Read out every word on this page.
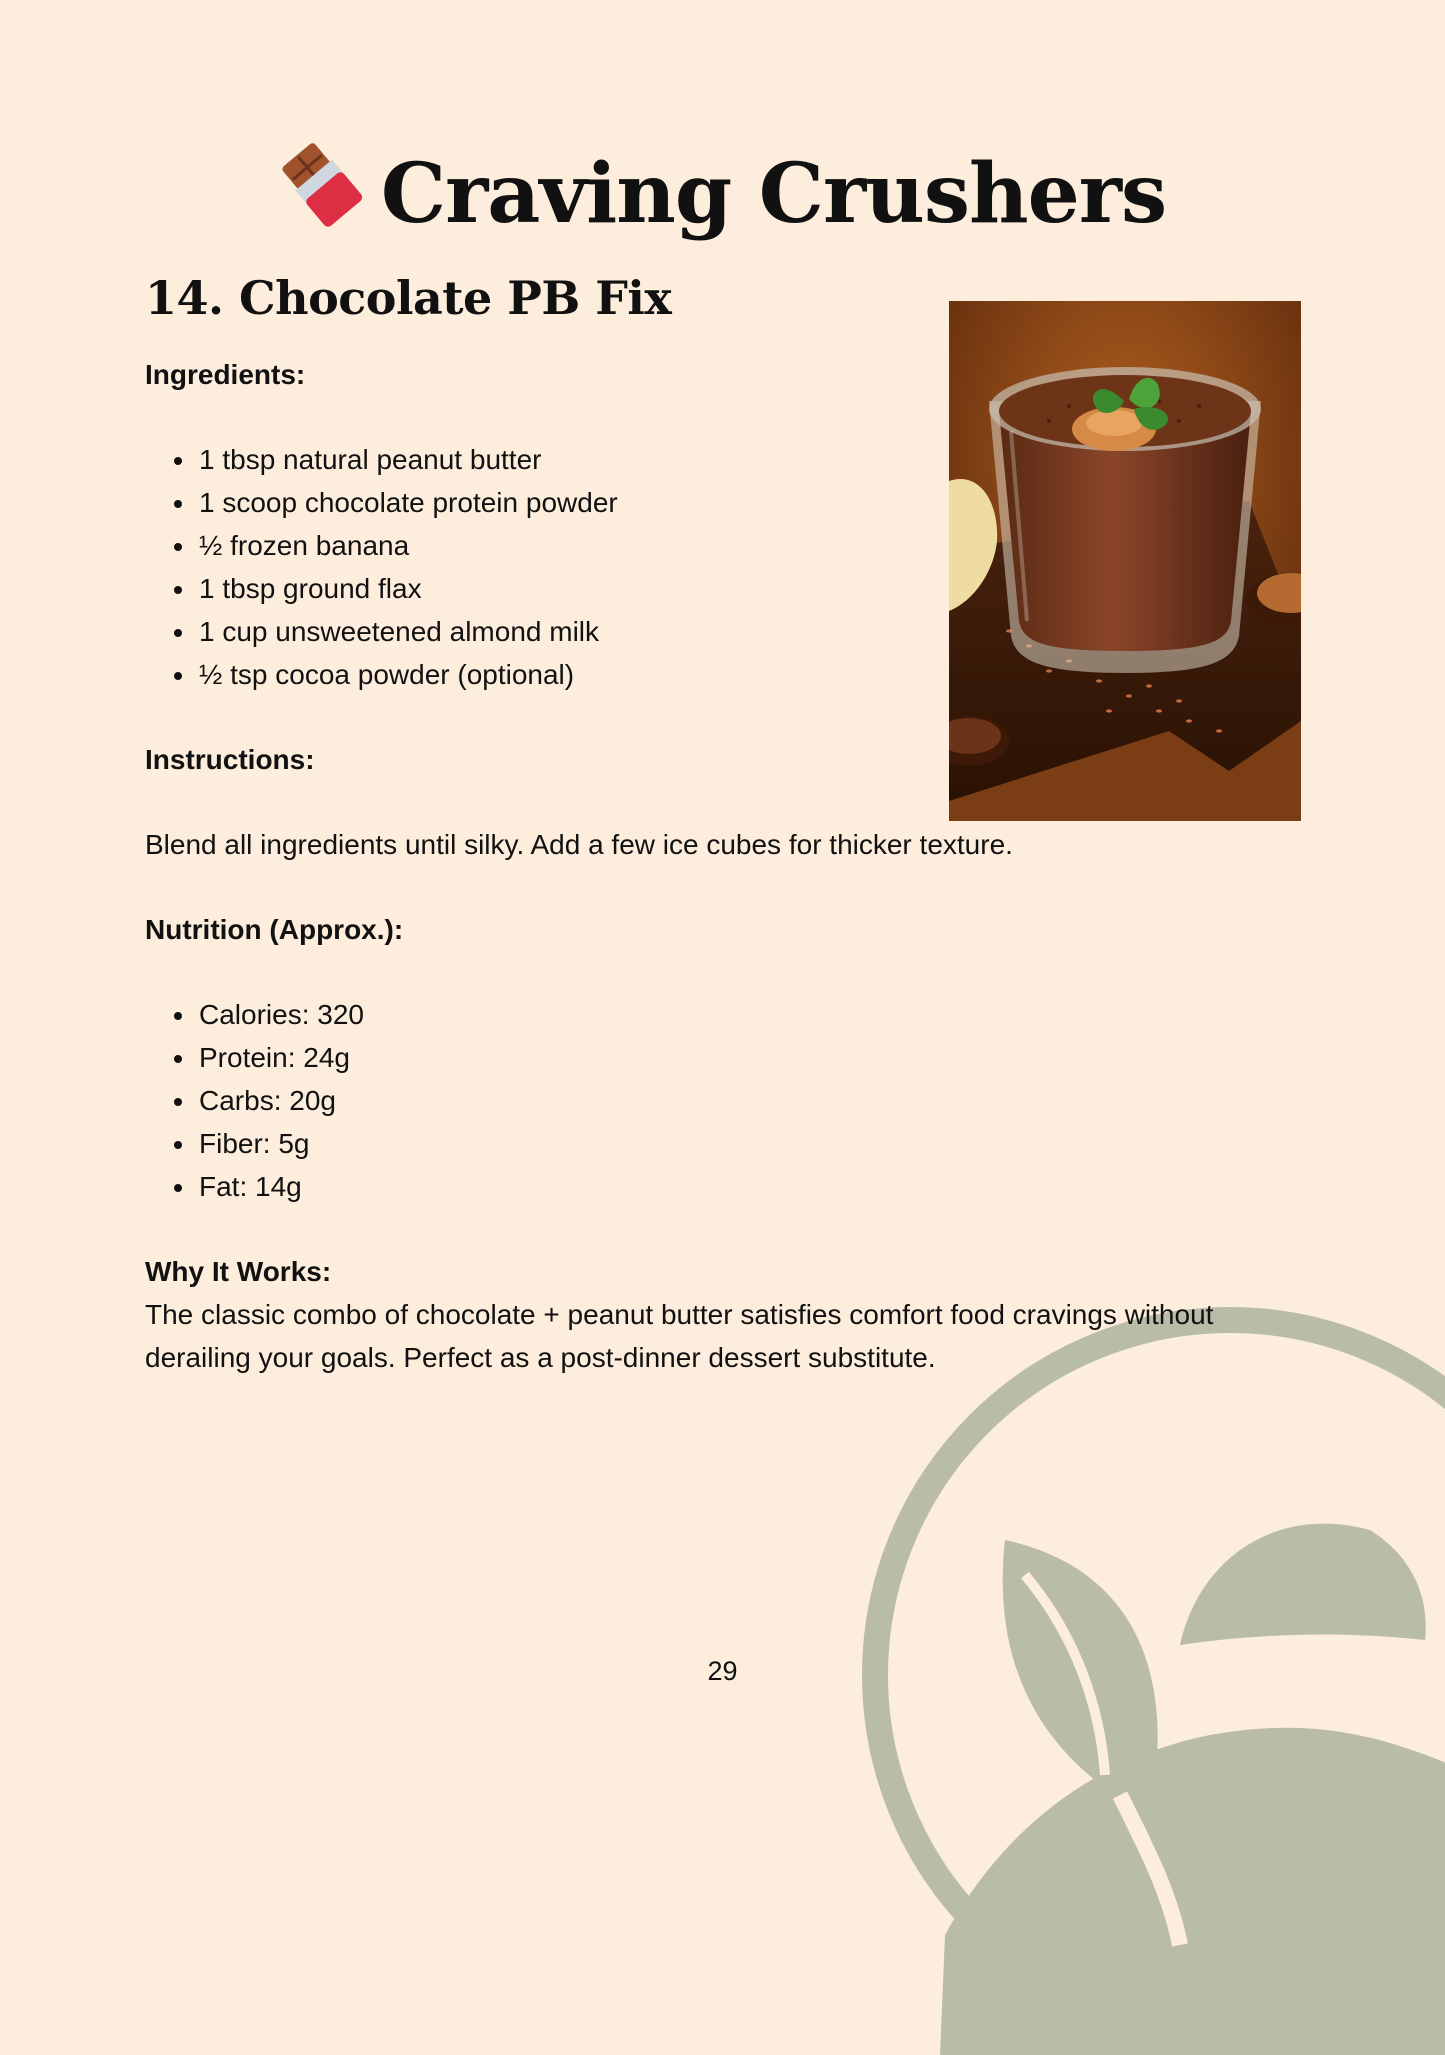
Craving Crushers
14. Chocolate PB Fix
Ingredients:
• 1 tbsp natural peanut butter
• 1 scoop chocolate protein powder
• ½ frozen banana
• 1 tbsp ground flax
• 1 cup unsweetened almond milk
• ½ tsp cocoa powder (optional)
Instructions:

Blend all ingredients until silky. Add a few ice cubes for thicker texture.

Nutrition (Approx.):
• Calories: 320
• Protein: 24g
• Carbs: 20g
• Fiber: 5g
• Fat: 14g
Why It Works:

The classic combo of chocolate + peanut butter satisfies comfort food cravings without derailing your goals. Perfect as a post-dinner dessert substitute.

29
